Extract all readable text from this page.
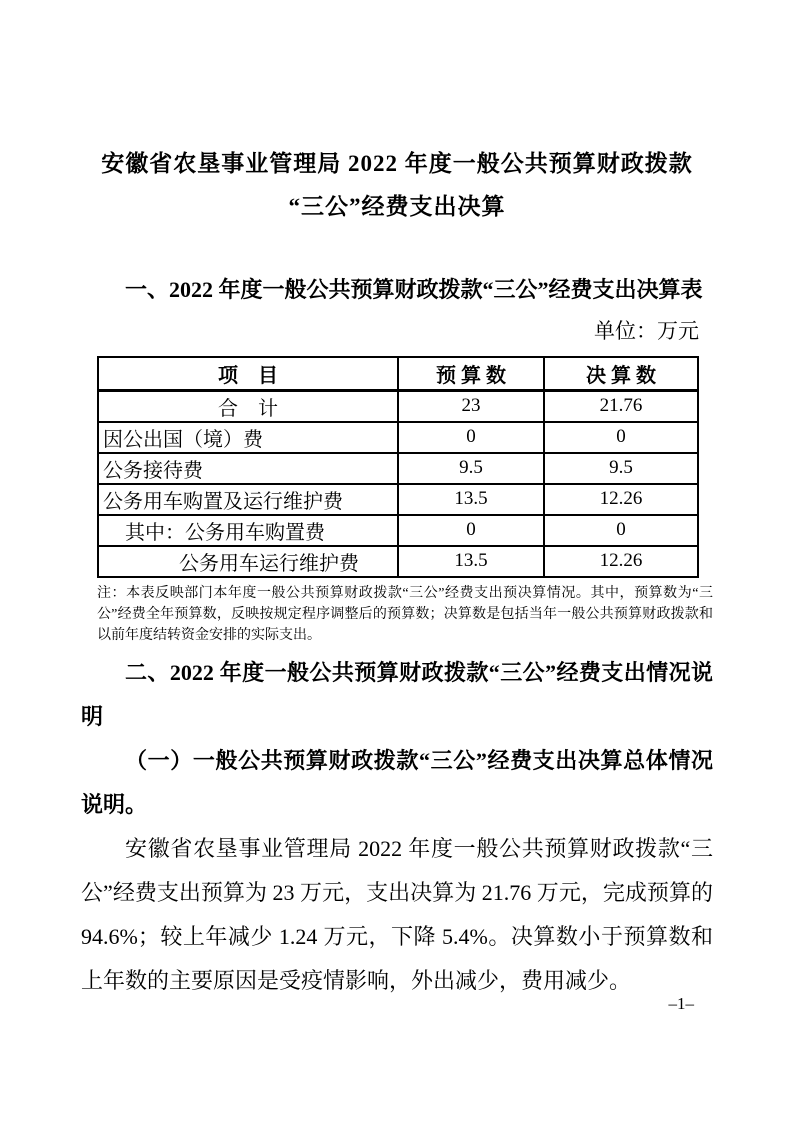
安徽省农垦事业管理局 2022 年度一般公共预算财政拨款
“三公”经费支出决算
一、2022 年度一般公共预算财政拨款“三公”经费支出决算表
单位：万元
项　目	预 算 数	决 算 数
合　计	23	21.76
因公出国（境）费	0	0
公务接待费	9.5	9.5
公务用车购置及运行维护费	13.5	12.26
其中：公务用车购置费	0	0
公务用车运行维护费	13.5	12.26
注：本表反映部门本年度一般公共预算财政拨款“三公”经费支出预决算情况。其中，预算数为“三公”经费全年预算数，反映按规定程序调整后的预算数；决算数是包括当年一般公共预算财政拨款和以前年度结转资金安排的实际支出。
二、2022 年度一般公共预算财政拨款“三公”经费支出情况说明
（一）一般公共预算财政拨款“三公”经费支出决算总体情况说明。
安徽省农垦事业管理局 2022 年度一般公共预算财政拨款“三公”经费支出预算为 23 万元，支出决算为 21.76 万元，完成预算的 94.6%；较上年减少 1.24 万元，下降 5.4%。决算数小于预算数和上年数的主要原因是受疫情影响，外出减少，费用减少。
–1–
